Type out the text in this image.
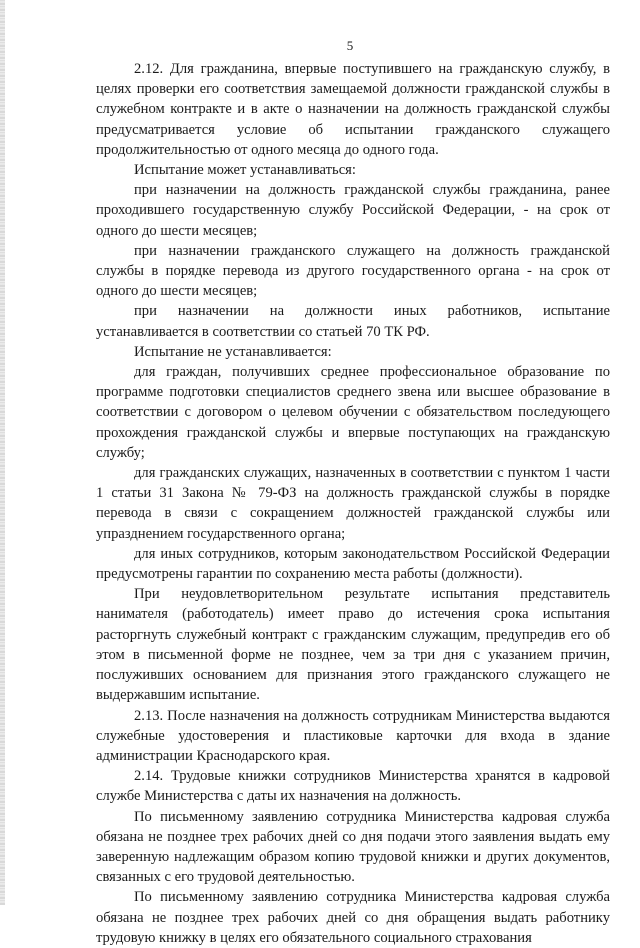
5

2.12. Для гражданина, впервые поступившего на гражданскую службу, в целях проверки его соответствия замещаемой должности гражданской службы в служебном контракте и в акте о назначении на должность гражданской службы предусматривается условие об испытании гражданского служащего продолжительностью от одного месяца до одного года.

Испытание может устанавливаться:

при назначении на должность гражданской службы гражданина, ранее проходившего государственную службу Российской Федерации, - на срок от одного до шести месяцев;

при назначении гражданского служащего на должность гражданской службы в порядке перевода из другого государственного органа - на срок от одного до шести месяцев;

при назначении на должности иных работников, испытание устанавливается в соответствии со статьей 70 ТК РФ.

Испытание не устанавливается:

для граждан, получивших среднее профессиональное образование по программе подготовки специалистов среднего звена или высшее образование в соответствии с договором о целевом обучении с обязательством последующего прохождения гражданской службы и впервые поступающих на гражданскую службу;

для гражданских служащих, назначенных в соответствии с пунктом 1 части 1 статьи 31 Закона № 79-ФЗ на должность гражданской службы в порядке перевода в связи с сокращением должностей гражданской службы или упразднением государственного органа;

для иных сотрудников, которым законодательством Российской Федерации предусмотрены гарантии по сохранению места работы (должности).

При неудовлетворительном результате испытания представитель нанимателя (работодатель) имеет право до истечения срока испытания расторгнуть служебный контракт с гражданским служащим, предупредив его об этом в письменной форме не позднее, чем за три дня с указанием причин, послуживших основанием для признания этого гражданского служащего не выдержавшим испытание.

2.13. После назначения на должность сотрудникам Министерства выдаются служебные удостоверения и пластиковые карточки для входа в здание администрации Краснодарского края.

2.14. Трудовые книжки сотрудников Министерства хранятся в кадровой службе Министерства с даты их назначения на должность.

По письменному заявлению сотрудника Министерства кадровая служба обязана не позднее трех рабочих дней со дня подачи этого заявления выдать ему заверенную надлежащим образом копию трудовой книжки и других документов, связанных с его трудовой деятельностью.

По письменному заявлению сотрудника Министерства кадровая служба обязана не позднее трех рабочих дней со дня обращения выдать работнику трудовую книжку в целях его обязательного социального страхования
